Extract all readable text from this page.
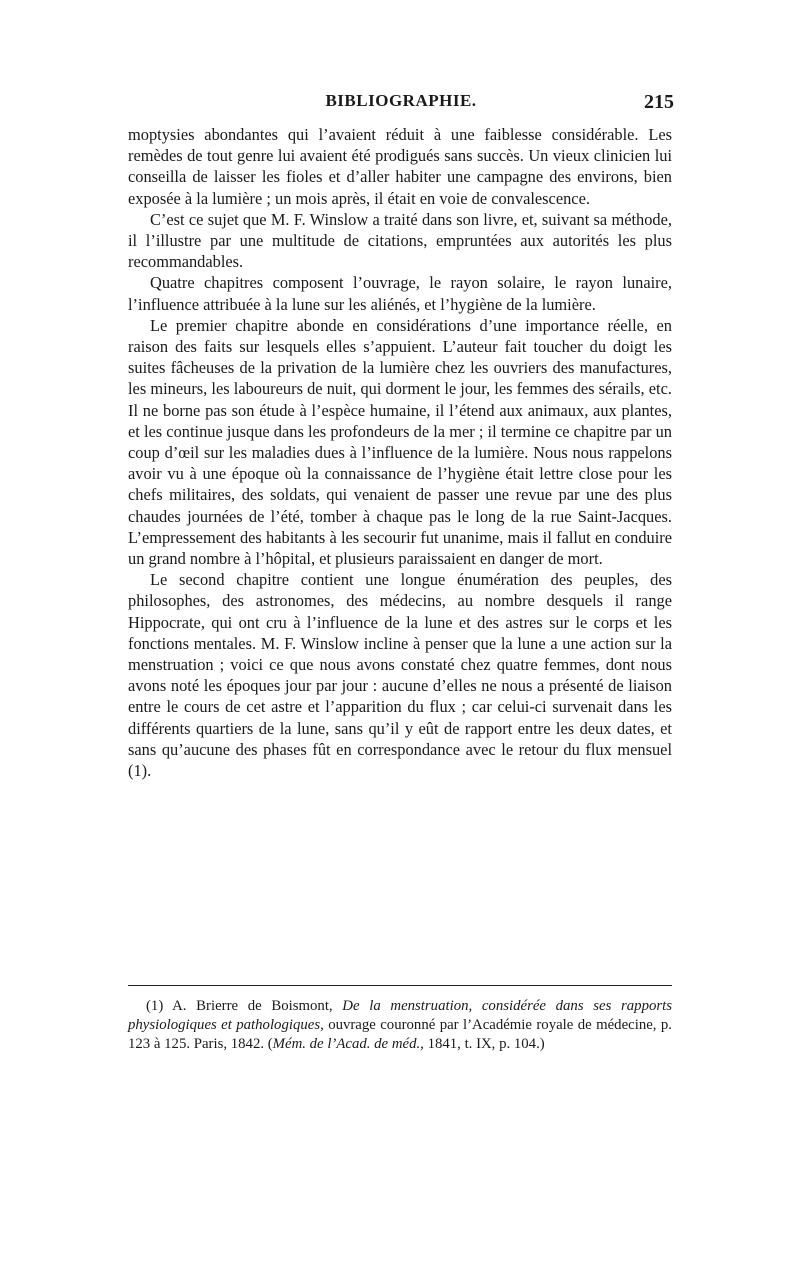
BIBLIOGRAPHIE.	215

moptysies abondantes qui l’avaient réduit à une faiblesse considérable. Les remèdes de tout genre lui avaient été prodigués sans succès. Un vieux clinicien lui conseilla de laisser les fioles et d’aller habiter une campagne des environs, bien exposée à la lumière ; un mois après, il était en voie de convalescence.

C’est ce sujet que M. F. Winslow a traité dans son livre, et, suivant sa méthode, il l’illustre par une multitude de citations, empruntées aux autorités les plus recommandables.

Quatre chapitres composent l’ouvrage, le rayon solaire, le rayon lunaire, l’influence attribuée à la lune sur les aliénés, et l’hygiène de la lumière.

Le premier chapitre abonde en considérations d’une importance réelle, en raison des faits sur lesquels elles s’appuient. L’auteur fait toucher du doigt les suites fâcheuses de la privation de la lumière chez les ouvriers des manufactures, les mineurs, les laboureurs de nuit, qui dorment le jour, les femmes des sérails, etc. Il ne borne pas son étude à l’espèce humaine, il l’étend aux animaux, aux plantes, et les continue jusque dans les profondeurs de la mer ; il termine ce chapitre par un coup d’œil sur les maladies dues à l’influence de la lumière. Nous nous rappelons avoir vu à une époque où la connaissance de l’hygiène était lettre close pour les chefs militaires, des soldats, qui venaient de passer une revue par une des plus chaudes journées de l’été, tomber à chaque pas le long de la rue Saint-Jacques. L’empressement des habitants à les secourir fut unanime, mais il fallut en conduire un grand nombre à l’hôpital, et plusieurs paraissaient en danger de mort.

Le second chapitre contient une longue énumération des peuples, des philosophes, des astronomes, des médecins, au nombre desquels il range Hippocrate, qui ont cru à l’influence de la lune et des astres sur le corps et les fonctions mentales. M. F. Winslow incline à penser que la lune a une action sur la menstruation ; voici ce que nous avons constaté chez quatre femmes, dont nous avons noté les époques jour par jour : aucune d’elles ne nous a présenté de liaison entre le cours de cet astre et l’apparition du flux ; car celui-ci survenait dans les différents quartiers de la lune, sans qu’il y eût de rapport entre les deux dates, et sans qu’aucune des phases fût en correspondance avec le retour du flux mensuel (1).

(1) A. Brierre de Boismont, De la menstruation, considérée dans ses rapports physiologiques et pathologiques, ouvrage couronné par l’Académie royale de médecine, p. 123 à 125. Paris, 1842. (Mém. de l’Acad. de méd., 1841, t. IX, p. 104.)
